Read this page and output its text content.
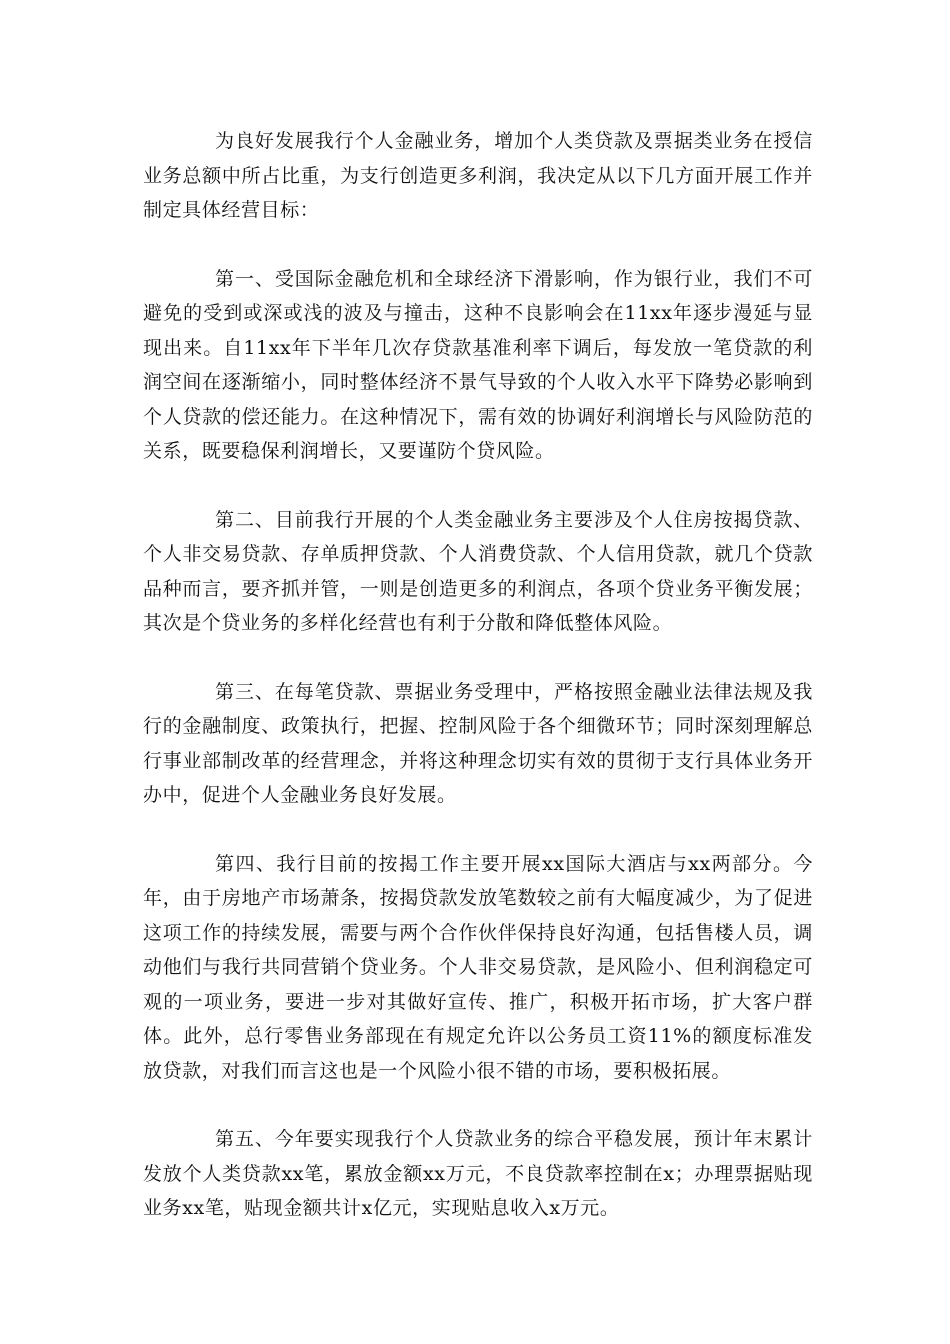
为良好发展我行个人金融业务，增加个人类贷款及票据类业务在授信业务总额中所占比重，为支行创造更多利润，我决定从以下几方面开展工作并制定具体经营目标：

第一、受国际金融危机和全球经济下滑影响，作为银行业，我们不可避免的受到或深或浅的波及与撞击，这种不良影响会在11xx年逐步漫延与显现出来。自11xx年下半年几次存贷款基准利率下调后，每发放一笔贷款的利润空间在逐渐缩小，同时整体经济不景气导致的个人收入水平下降势必影响到个人贷款的偿还能力。在这种情况下，需有效的协调好利润增长与风险防范的关系，既要稳保利润增长，又要谨防个贷风险。

第二、目前我行开展的个人类金融业务主要涉及个人住房按揭贷款、个人非交易贷款、存单质押贷款、个人消费贷款、个人信用贷款，就几个贷款品种而言，要齐抓并管，一则是创造更多的利润点，各项个贷业务平衡发展；其次是个贷业务的多样化经营也有利于分散和降低整体风险。

第三、在每笔贷款、票据业务受理中，严格按照金融业法律法规及我行的金融制度、政策执行，把握、控制风险于各个细微环节；同时深刻理解总行事业部制改革的经营理念，并将这种理念切实有效的贯彻于支行具体业务开办中，促进个人金融业务良好发展。

第四、我行目前的按揭工作主要开展xx国际大酒店与xx两部分。今年，由于房地产市场萧条，按揭贷款发放笔数较之前有大幅度减少，为了促进这项工作的持续发展，需要与两个合作伙伴保持良好沟通，包括售楼人员，调动他们与我行共同营销个贷业务。个人非交易贷款，是风险小、但利润稳定可观的一项业务，要进一步对其做好宣传、推广，积极开拓市场，扩大客户群体。此外，总行零售业务部现在有规定允许以公务员工资11%的额度标准发放贷款，对我们而言这也是一个风险小很不错的市场，要积极拓展。

第五、今年要实现我行个人贷款业务的综合平稳发展，预计年末累计发放个人类贷款xx笔，累放金额xx万元，不良贷款率控制在x；办理票据贴现业务xx笔，贴现金额共计x亿元，实现贴息收入x万元。
